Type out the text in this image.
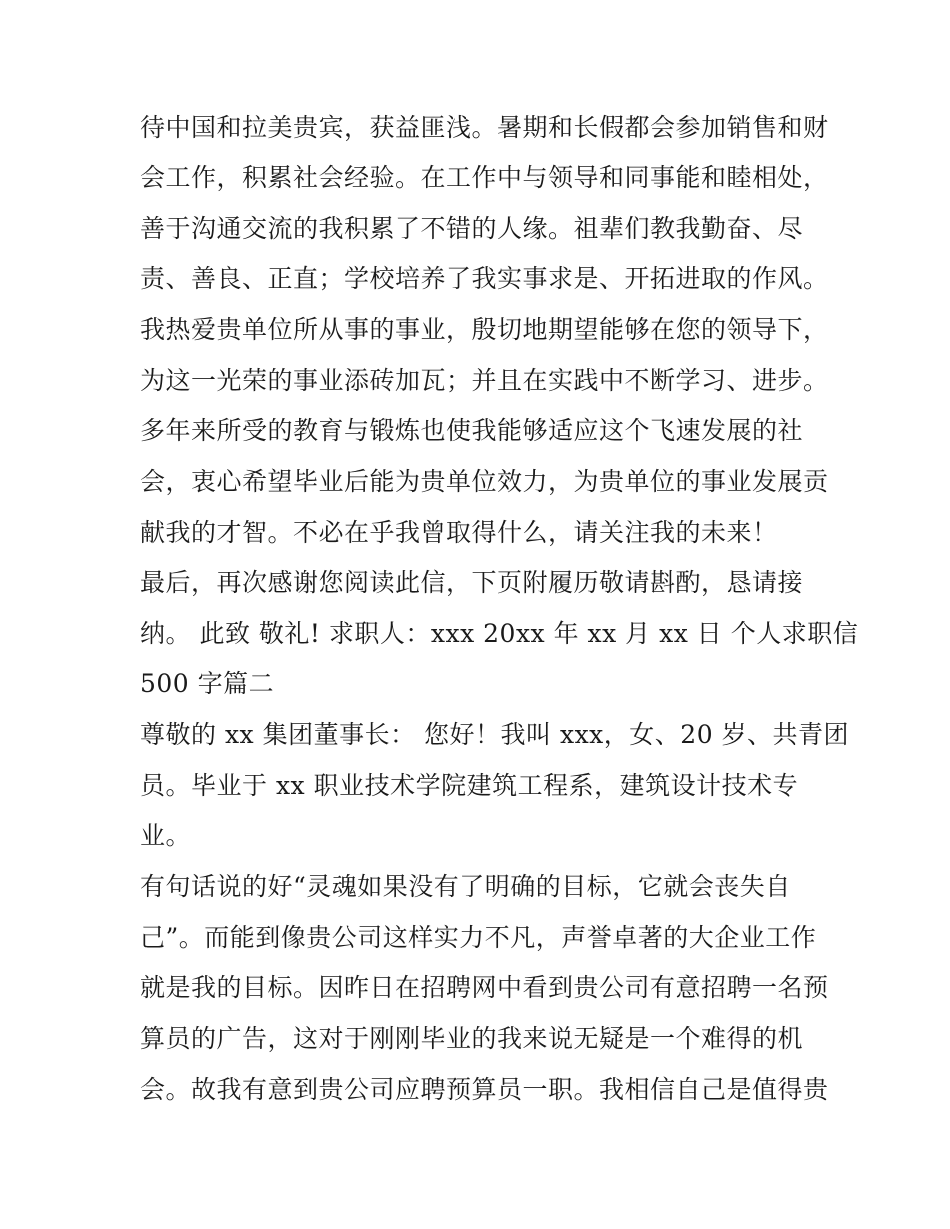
待中国和拉美贵宾，获益匪浅。暑期和长假都会参加销售和财
会工作，积累社会经验。在工作中与领导和同事能和睦相处，
善于沟通交流的我积累了不错的人缘。祖辈们教我勤奋、尽
责、善良、正直；学校培养了我实事求是、开拓进取的作风。
我热爱贵单位所从事的事业，殷切地期望能够在您的领导下，
为这一光荣的事业添砖加瓦；并且在实践中不断学习、进步。
多年来所受的教育与锻炼也使我能够适应这个飞速发展的社
会，衷心希望毕业后能为贵单位效力，为贵单位的事业发展贡
献我的才智。不必在乎我曾取得什么，请关注我的未来！
最后，再次感谢您阅读此信，下页附履历敬请斟酌，恳请接
纳。 此致 敬礼! 求职人：xxx 20xx 年 xx 月 xx 日 个人求职信
500 字篇二
尊敬的 xx 集团董事长： 您好！我叫 xxx，女、20 岁、共青团
员。毕业于 xx 职业技术学院建筑工程系，建筑设计技术专
业。
有句话说的好“灵魂如果没有了明确的目标，它就会丧失自
己”。而能到像贵公司这样实力不凡，声誉卓著的大企业工作
就是我的目标。因昨日在招聘网中看到贵公司有意招聘一名预
算员的广告，这对于刚刚毕业的我来说无疑是一个难得的机
会。故我有意到贵公司应聘预算员一职。我相信自己是值得贵
